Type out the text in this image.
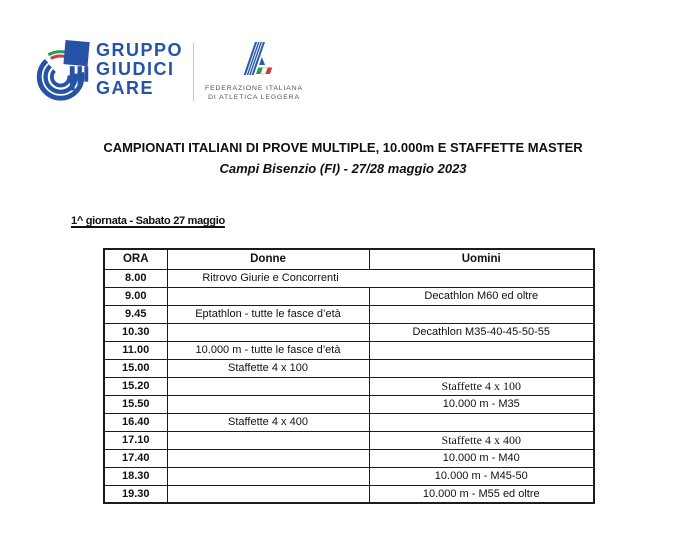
GRUPPO
GIUDICI
GARE	FEDERAZIONE ITALIANA
DI ATLETICA LEGGERA
CAMPIONATI ITALIANI DI PROVE MULTIPLE, 10.000m E STAFFETTE MASTER
Campi Bisenzio (FI) - 27/28 maggio 2023
1^ giornata - Sabato 27 maggio
ORA	Donne	Uomini
8.00	Ritrovo Giurie e Concorrenti	

9.00		Decathlon M60 ed oltre
9.45	Eptathlon - tutte le fasce d’età	
10.30		Decathlon M35-40-45-50-55
11.00	10.000 m - tutte le fasce d’età	
15.00	Staffette 4 x 100	
15.20		Staffette 4 x 100
15.50		10.000 m - M35
16.40	Staffette 4 x 400	
17.10		Staffette 4 x 400
17.40		10.000 m - M40
18.30		10.000 m - M45-50
19.30		10.000 m - M55 ed oltre
